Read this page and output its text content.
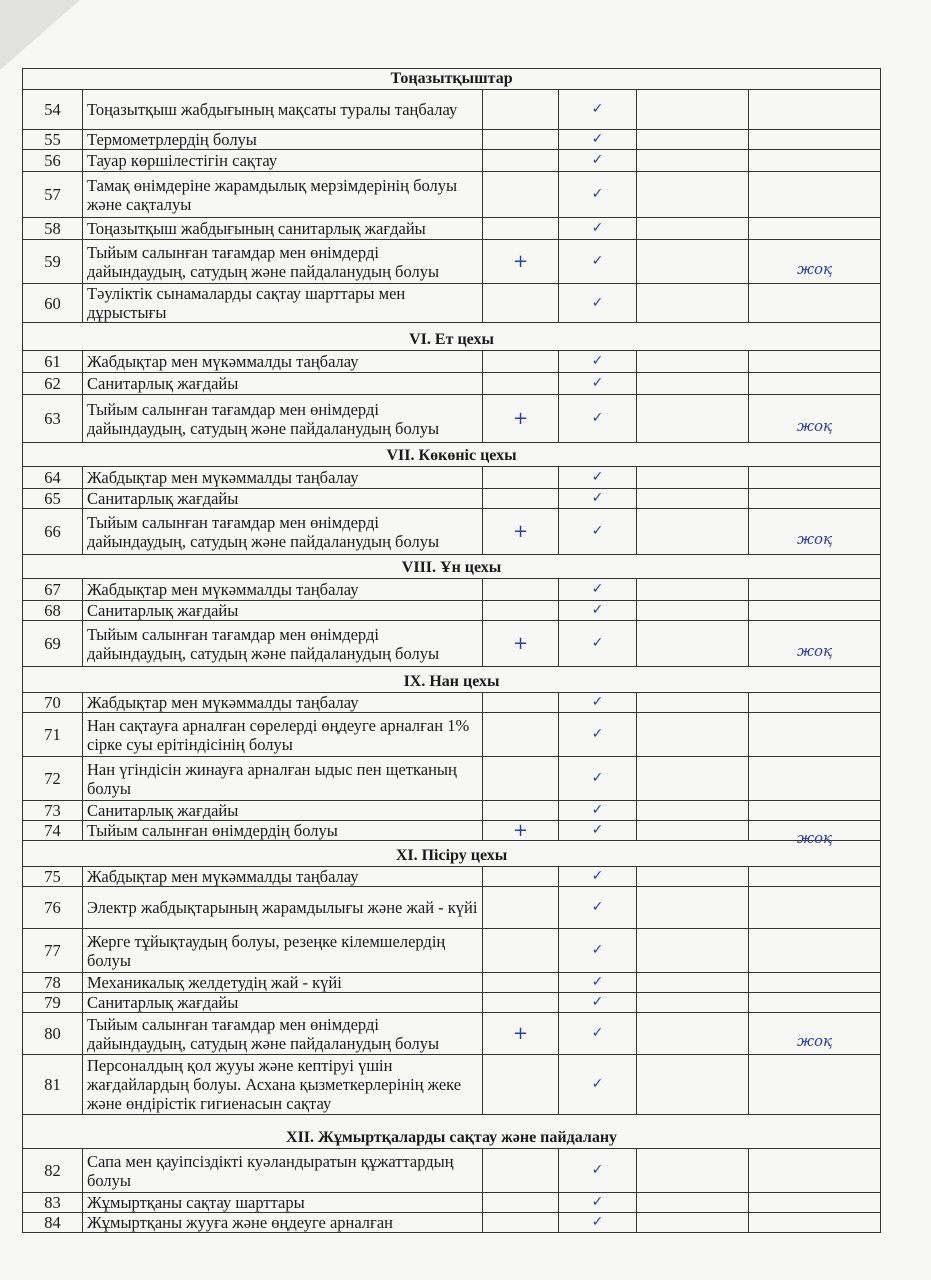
Тоңазытқыштар					
54	Тоңазытқыш жабдығының мақсаты туралы таңбалау		✓		
55	Термометрлердің болуы		✓		
56	Тауар көршілестігін сақтау		✓		
57	Тамақ өнімдеріне жарамдылық мерзімдерінің болуы және сақталуы		✓		
58	Тоңазытқыш жабдығының санитарлық жағдайы		✓		
59	Тыйым салынған тағамдар мен өнімдерді дайындаудың, сатудың және пайдаланудың болуы	+	✓		жоқ
60	Тәуліктік сынамаларды сақтау шарттары мен дұрыстығы		✓		
VI. Ет цехы					
61	Жабдықтар мен мүкәммалды таңбалау		✓		
62	Санитарлық жағдайы		✓		
63	Тыйым салынған тағамдар мен өнімдерді дайындаудың, сатудың және пайдаланудың болуы	+	✓		жоқ
VII. Көкөніс цехы					
64	Жабдықтар мен мүкәммалды таңбалау		✓		
65	Санитарлық жағдайы		✓		
66	Тыйым салынған тағамдар мен өнімдерді дайындаудың, сатудың және пайдаланудың болуы	+	✓		жоқ
VIII. Ұн цехы					
67	Жабдықтар мен мүкәммалды таңбалау		✓		
68	Санитарлық жағдайы		✓		
69	Тыйым салынған тағамдар мен өнімдерді дайындаудың, сатудың және пайдаланудың болуы	+	✓		жоқ
IX. Нан цехы					
70	Жабдықтар мен мүкәммалды таңбалау		✓		
71	Нан сақтауға арналған сөрелерді өңдеуге арналған 1% сірке суы ерітіндісінің болуы		✓		
72	Нан үгіндісін жинауға арналған ыдыс пен щетканың болуы		✓		
73	Санитарлық жағдайы		✓		
74	Тыйым салынған өнімдердің болуы	+	✓		жоқ
XI. Пісіру цехы					
75	Жабдықтар мен мүкәммалды таңбалау		✓		
76	Электр жабдықтарының жарамдылығы және жай - күйі		✓		
77	Жерге тұйықтаудың болуы, резеңке кілемшелердің болуы		✓		
78	Механикалық желдетудің жай - күйі		✓		
79	Санитарлық жағдайы		✓		
80	Тыйым салынған тағамдар мен өнімдерді дайындаудың, сатудың және пайдаланудың болуы	+	✓		жоқ
81	Персоналдың қол жууы және кептіруі үшін жағдайлардың болуы. Асхана қызметкерлерінің жеке және өндірістік гигиенасын сақтау		✓		
XII. Жұмыртқаларды сақтау және пайдалану					
82	Сапа мен қауіпсіздікті куәландыратын құжаттардың болуы		✓		
83	Жұмыртқаны сақтау шарттары		✓		
84	Жұмыртқаны жууға және өңдеуге арналған		✓		
